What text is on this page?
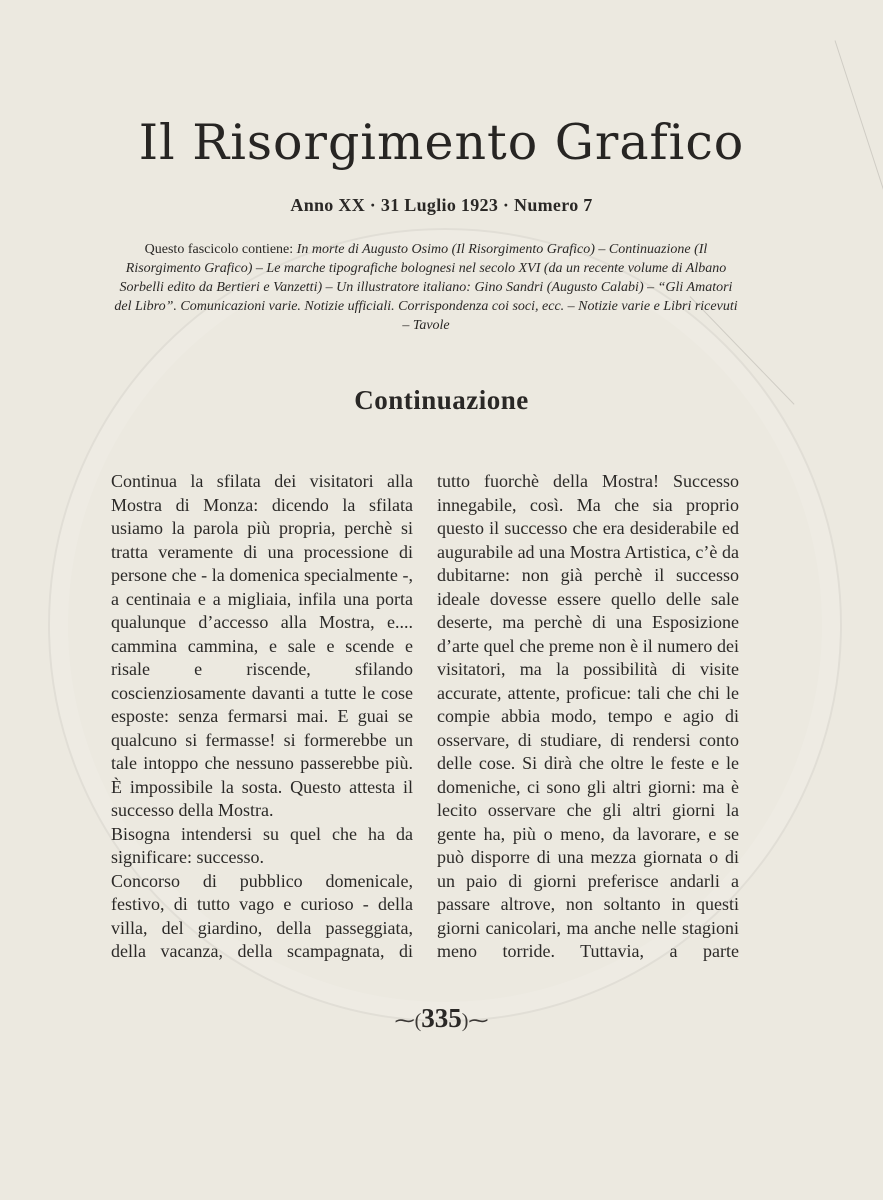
Il Risorgimento Grafico
Anno XX · 31 Luglio 1923 · Numero 7
Questo fascicolo contiene: In morte di Augusto Osimo (Il Risorgimento Grafico) – Continuazione (Il Risorgimento Grafico) – Le marche tipografiche bolognesi nel secolo XVI (da un recente volume di Albano Sorbelli edito da Bertieri e Vanzetti) – Un illustratore italiano: Gino Sandri (Augusto Calabi) – “Gli Amatori del Libro”. Comunicazioni varie. Notizie ufficiali. Corrispondenza coi soci, ecc. – Notizie varie e Libri ricevuti – Tavole
Continuazione

Continua la sfilata dei visitatori alla Mostra di Monza: dicendo la sfilata usiamo la parola più propria, perchè si tratta veramente di una processione di persone che - la domenica specialmente -, a centinaia e a migliaia, infila una porta qualunque d’accesso alla Mostra, e.... cammina cammina, e sale e scende e risale e riscende, sfilando coscienziosamente davanti a tutte le cose esposte: senza fermarsi mai. E guai se qualcuno si fermasse! si formerebbe un tale intoppo che nessuno passerebbe più. È impossibile la sosta. Questo attesta il successo della Mostra.

Bisogna intendersi su quel che ha da significare: successo.

Concorso di pubblico domenicale, festivo, di tutto vago e curioso - della villa, del giardino, della passeggiata, della vacanza, della scampagnata, di

tutto fuorchè della Mostra! Successo innegabile, così. Ma che sia proprio questo il successo che era desiderabile ed augurabile ad una Mostra Artistica, c’è da dubitarne: non già perchè il successo ideale dovesse essere quello delle sale deserte, ma perchè di una Esposizione d’arte quel che preme non è il numero dei visitatori, ma la possibilità di visite accurate, attente, proficue: tali che chi le compie abbia modo, tempo e agio di osservare, di studiare, di rendersi conto delle cose. Si dirà che oltre le feste e le domeniche, ci sono gli altri giorni: ma è lecito osservare che gli altri giorni la gente ha, più o meno, da lavorare, e se può disporre di una mezza giornata o di un paio di giorni preferisce andarli a passare altrove, non soltanto in questi giorni canicolari, ma anche nelle stagioni meno torride. Tuttavia, a parte

⁓(335)⁓
